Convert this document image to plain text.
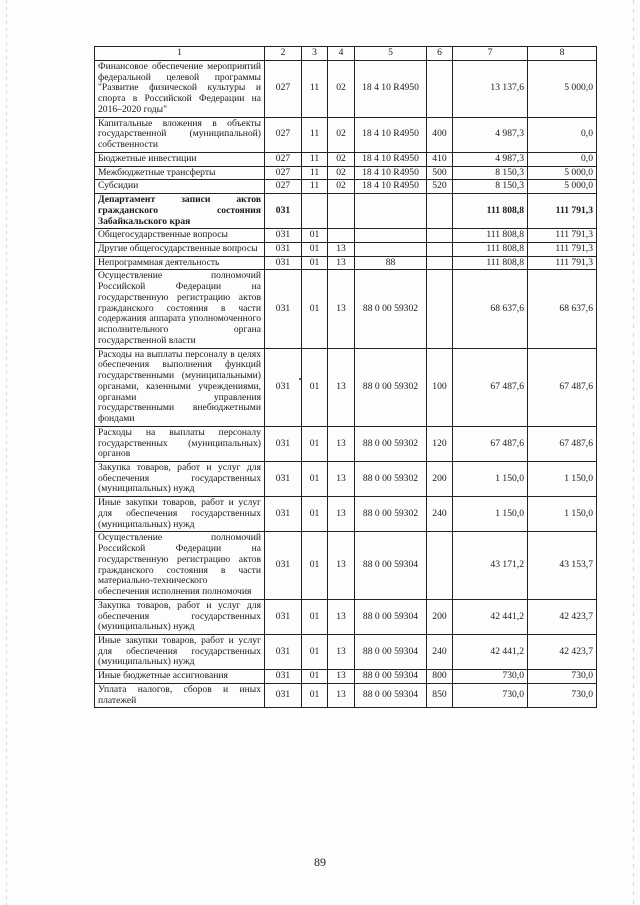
1	2	3	4	5	6	7	8
Финансовое обеспечение мероприятий федеральной целевой программы "Развитие физической культуры и спорта в Российской Федерации на 2016–2020 годы"	027	11	02	18 4 10 R4950		13 137,6	5 000,0
Капитальные вложения в объекты государственной (муниципальной) собственности	027	11	02	18 4 10 R4950	400	4 987,3	0,0
Бюджетные инвестиции	027	11	02	18 4 10 R4950	410	4 987,3	0,0
Межбюджетные трансферты	027	11	02	18 4 10 R4950	500	8 150,3	5 000,0
Субсидии	027	11	02	18 4 10 R4950	520	8 150,3	5 000,0
Департамент записи актов гражданского состояния Забайкальского края	031					111 808,8	111 791,3
Общегосударственные вопросы	031	01				111 808,8	111 791,3
Другие общегосударственные вопросы	031	01	13			111 808,8	111 791,3
Непрограммная деятельность	031	01	13	88		111 808,8	111 791,3
Осуществление полномочий Российской Федерации на государственную регистрацию актов гражданского состояния в части содержания аппарата уполномоченного исполнительного органа государственной власти	031	01	13	88 0 00 59302		68 637,6	68 637,6
Расходы на выплаты персоналу в целях обеспечения выполнения функций государственными (муниципальными) органами, казенными учреждениями, органами управления государственными внебюджетными фондами	031	01	13	88 0 00 59302	100	67 487,6	67 487,6
Расходы на выплаты персоналу государственных (муниципальных) органов	031	01	13	88 0 00 59302	120	67 487,6	67 487,6
Закупка товаров, работ и услуг для обеспечения государственных (муниципальных) нужд	031	01	13	88 0 00 59302	200	1 150,0	1 150,0
Иные закупки товаров, работ и услуг для обеспечения государственных (муниципальных) нужд	031	01	13	88 0 00 59302	240	1 150,0	1 150,0
Осуществление полномочий Российской Федерации на государственную регистрацию актов гражданского состояния в части материально-технического обеспечения исполнения полномочия	031	01	13	88 0 00 59304		43 171,2	43 153,7
Закупка товаров, работ и услуг для обеспечения государственных (муниципальных) нужд	031	01	13	88 0 00 59304	200	42 441,2	42 423,7
Иные закупки товаров, работ и услуг для обеспечения государственных (муниципальных) нужд	031	01	13	88 0 00 59304	240	42 441,2	42 423,7
Иные бюджетные ассигнования	031	01	13	88 0 00 59304	800	730,0	730,0
Уплата налогов, сборов и иных платежей	031	01	13	88 0 00 59304	850	730,0	730,0
89
